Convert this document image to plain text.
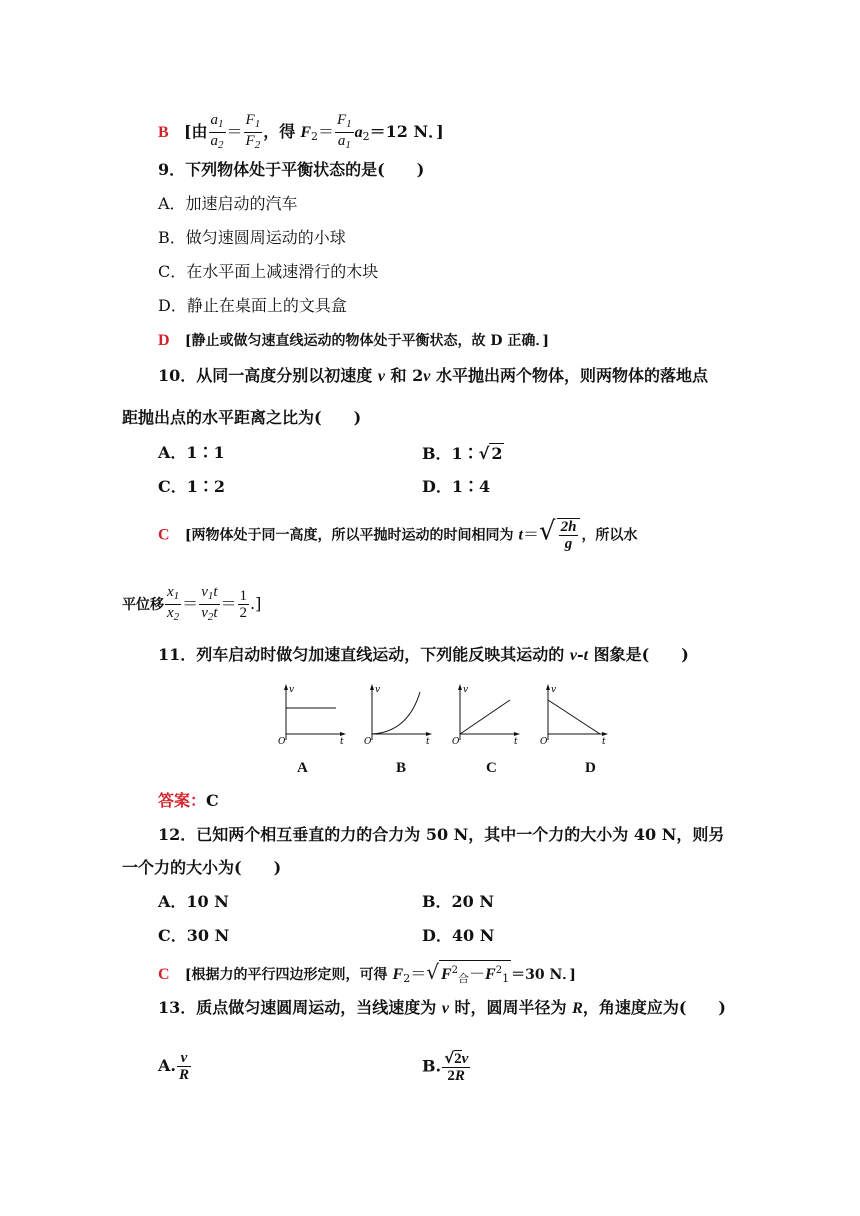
B [由 $\frac{a_1}{a_2} = \frac{F_1}{F_2}$ ，得 $F_2= \frac{F_1}{a_1} a_2=12$ N．]
9．下列物体处于平衡状态的是(　　)
A．加速启动的汽车
B．做匀速圆周运动的小球
C．在水平面上减速滑行的木块
D．静止在桌面上的文具盒
D [静止或做匀速直线运动的物体处于平衡状态，故 D 正确．]
10．从同一高度分别以初速度 v 和 2v 水平抛出两个物体，则两物体的落地点
距抛出点的水平距离之比为(　　)
A．1∶1	B．1∶√ 2
C．1∶2	D．1∶4
C [两物体处于同一高度，所以平抛时运动的时间相同为 $t=√ \frac{2h}{g}$ ，所以水
平位移 $\frac{x_1}{x_2} = \frac{v_1t}{v_2t} = \frac{1}{2}$ .]
11．列车启动时做匀加速直线运动，下列能反映其运动的 v-t 图象是(　　)
v
t
O
v
t
O
v
t
O
v
t
O
A	B	C	D
答案：C
12．已知两个相互垂直的力的合力为 50 N，其中一个力的大小为 40 N，则另
一个力的大小为(　　)
A．10 N	B．20 N
C．30 N	D．40 N
C [根据力的平行四边形定则，可得 $F_2=√$ $F^2_合-F^2_1 =30$ N．]
13．质点做匀速圆周运动，当线速度为 v 时，圆周半径为 R，角速度应为(　　)
A. $\frac{v}{R}$	B. $\frac{√2v}{2R}$
